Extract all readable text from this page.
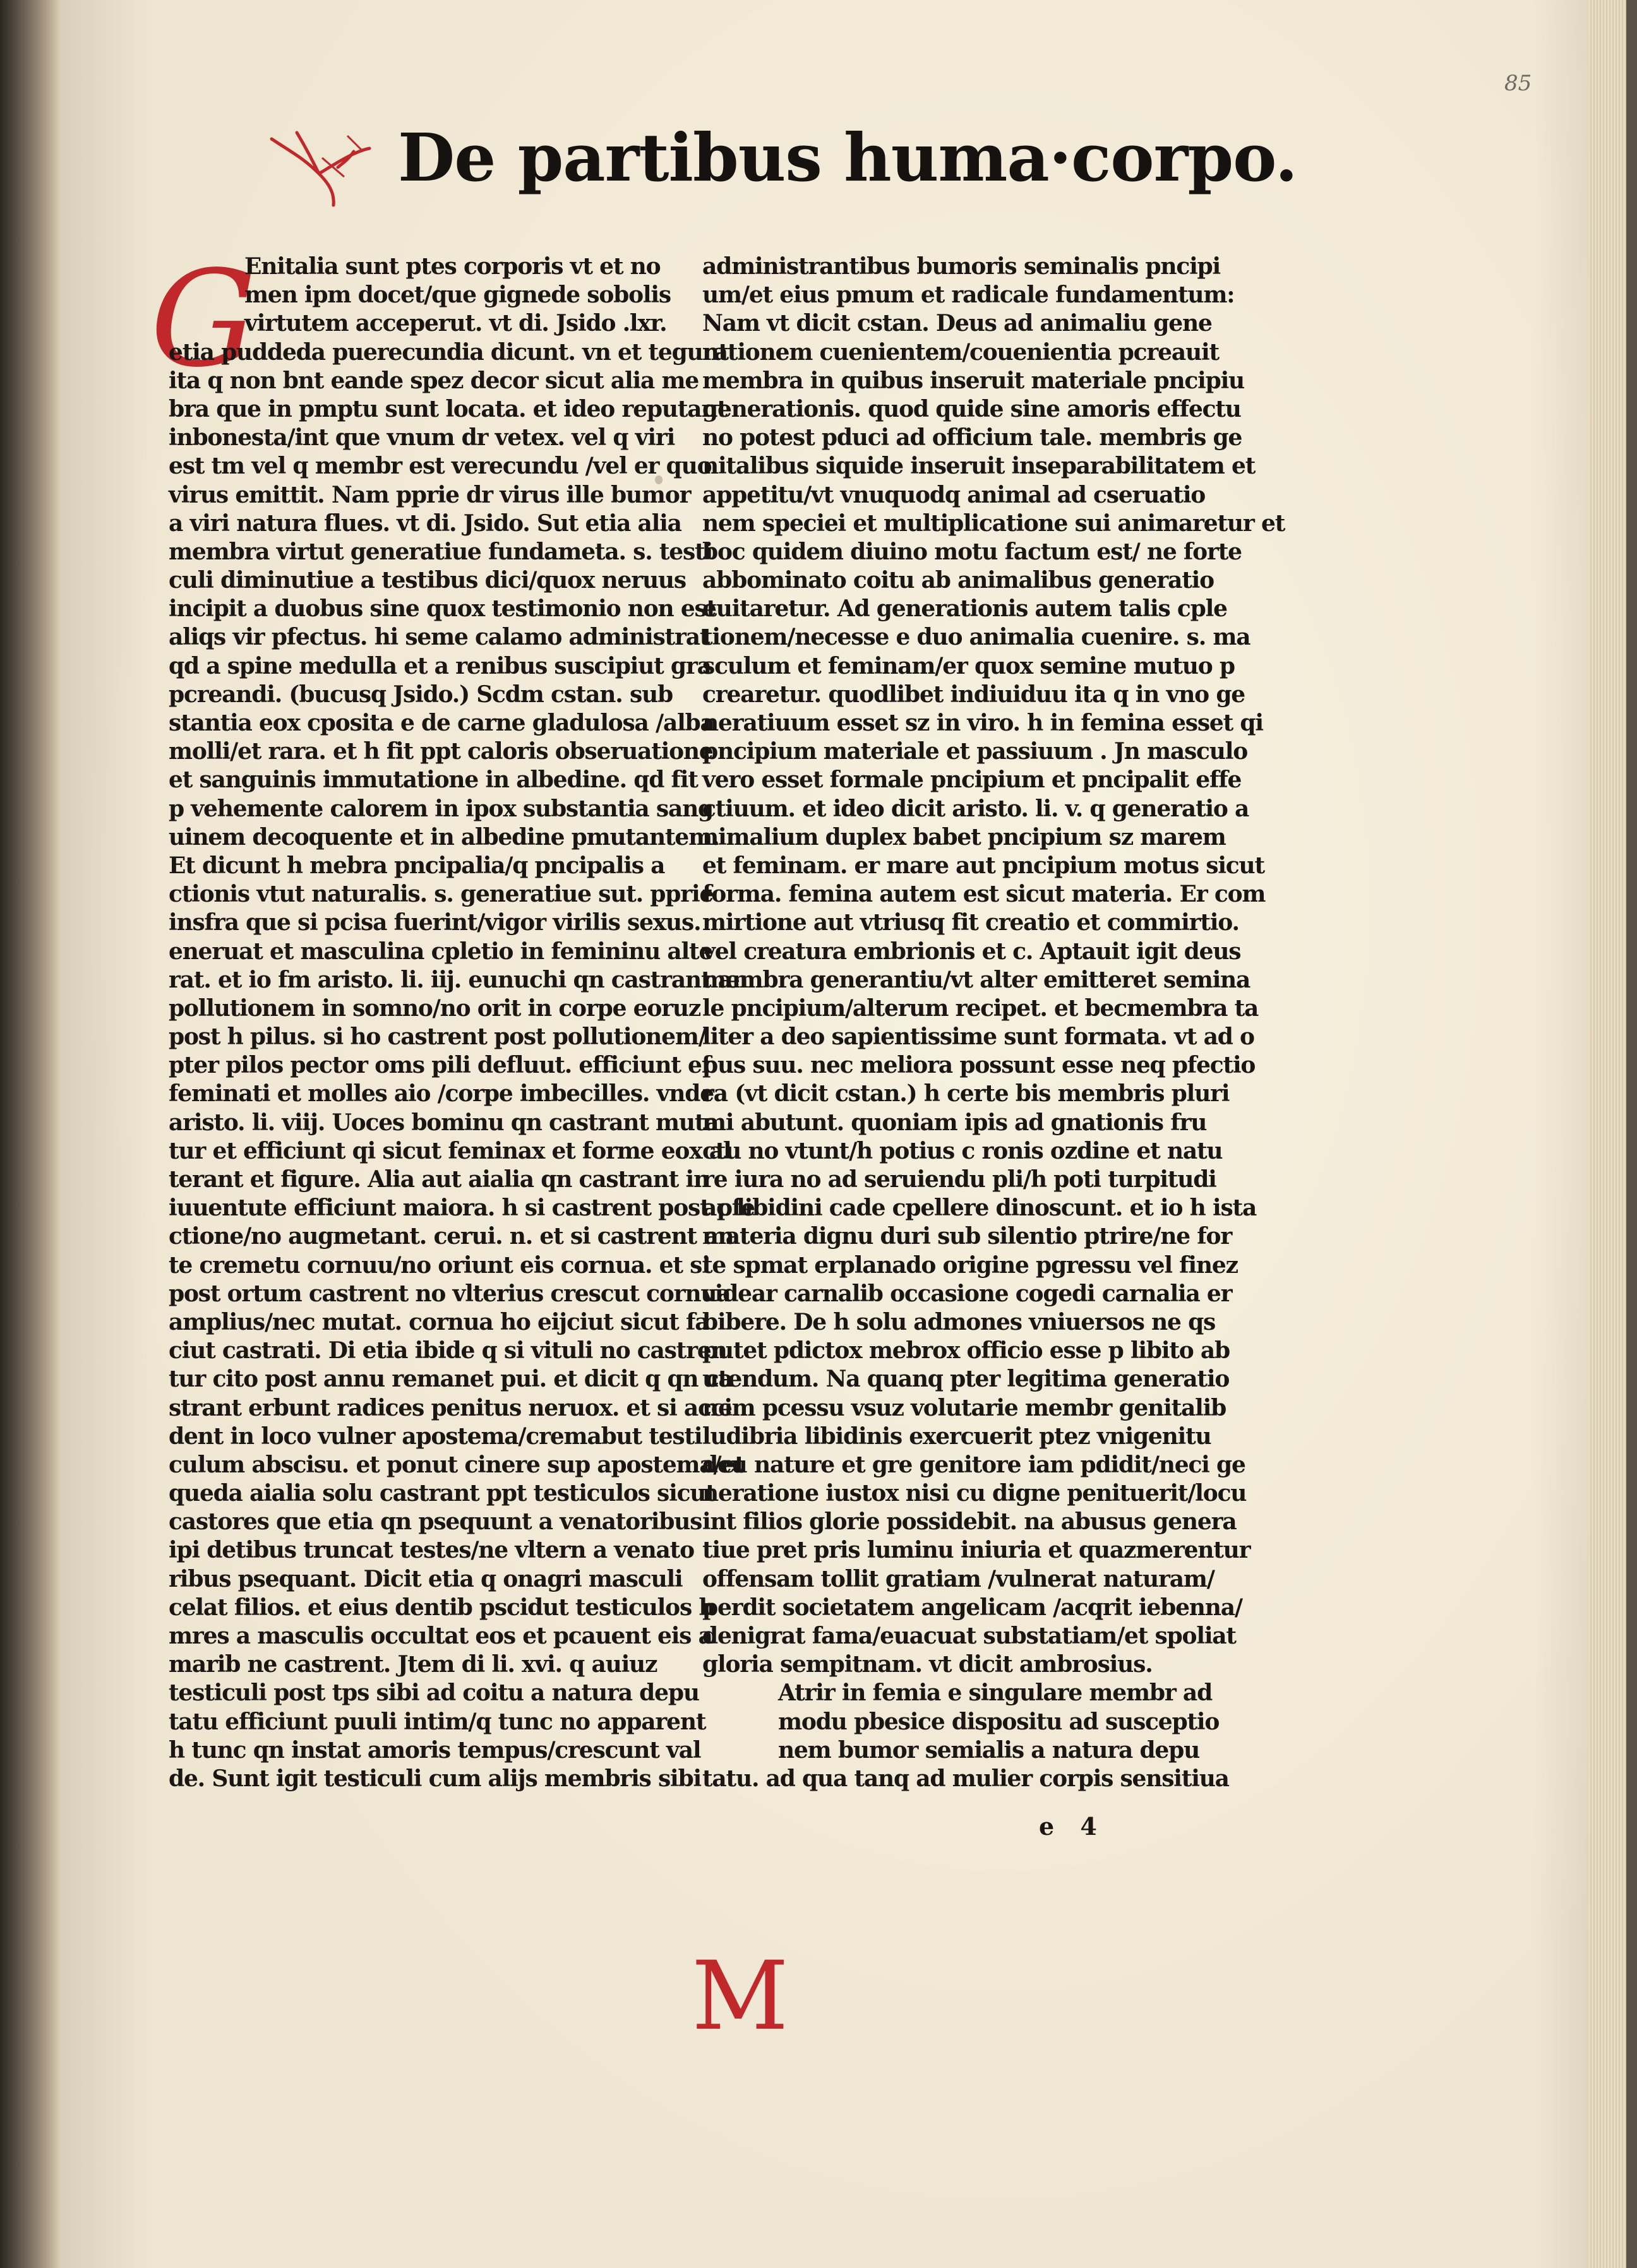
85
De partibus huma·corpo.
G
Enitalia sunt ptes corporis vt et no
men ipm docet/que gignede sobolis
virtutem acceperut. vt di. Jsido .lxr.
etia puddeda puerecundia dicunt. vn et tegunt
ita q non bnt eande spez decor sicut alia me
bra que in pmptu sunt locata. et ideo reputant
inbonesta/int que vnum dr vetex. vel q viri
est tm vel q membr est verecundu /vel er quo
virus emittit. Nam pprie dr virus ille bumor
a viri natura flues. vt di. Jsido. Sut etia alia
membra virtut generatiue fundameta. s. testi
culi diminutiue a testibus dici/quox neruus
incipit a duobus sine quox testimonio non est
aliqs vir pfectus. hi seme calamo administrat
qd a spine medulla et a renibus suscipiut gra
pcreandi. (bucusq Jsido.) Scdm cstan. sub
stantia eox cposita e de carne gladulosa /alba
molli/et rara. et h fit ppt caloris obseruatione
et sanguinis immutatione in albedine. qd fit
p vehemente calorem in ipox substantia sang
uinem decoquente et in albedine pmutantem.
Et dicunt h mebra pncipalia/q pncipalis a
ctionis vtut naturalis. s. generatiue sut. pprie
insfra que si pcisa fuerint/vigor virilis sexus.
eneruat et masculina cpletio in femininu alte
rat. et io fm aristo. li. iij. eunuchi qn castrant an
pollutionem in somno/no orit in corpe eoruz
post h pilus. si ho castrent post pollutionem/
pter pilos pector oms pili defluut. efficiunt ef
feminati et molles aio /corpe imbecilles. vnde
aristo. li. viij. Uoces bominu qn castrant muta
tur et efficiunt qi sicut feminax et forme eox al
terant et figure. Alia aut aialia qn castrant in
iuuentute efficiunt maiora. h si castrent post pfe
ctione/no augmetant. cerui. n. et si castrent an
te cremetu cornuu/no oriunt eis cornua. et si
post ortum castrent no vlterius crescut cornua
amplius/nec mutat. cornua ho eijciut sicut fa
ciut castrati. Di etia ibide q si vituli no castren
tur cito post annu remanet pui. et dicit q qn ca
strant erbunt radices penitus neruox. et si acci
dent in loco vulner apostema/cremabut testi
culum abscisu. et ponut cinere sup apostema/et
queda aialia solu castrant ppt testiculos sicut
castores que etia qn psequunt a venatoribus
ipi detibus truncat testes/ne vltern a venato
ribus psequant. Dicit etia q onagri masculi
celat filios. et eius dentib pscidut testiculos h
mres a masculis occultat eos et pcauent eis a
marib ne castrent. Jtem di li. xvi. q auiuz
testiculi post tps sibi ad coitu a natura depu
tatu efficiunt puuli intim/q tunc no apparent
h tunc qn instat amoris tempus/crescunt val
de. Sunt igit testiculi cum alijs membris sibi
administrantibus bumoris seminalis pncipi
um/et eius pmum et radicale fundamentum:
Nam vt dicit cstan. Deus ad animaliu gene
rationem cuenientem/couenientia pcreauit
membra in quibus inseruit materiale pncipiu
generationis. quod quide sine amoris effectu
no potest pduci ad officium tale. membris ge
nitalibus siquide inseruit inseparabilitatem et
appetitu/vt vnuquodq animal ad cseruatio
nem speciei et multiplicatione sui animaretur et
boc quidem diuino motu factum est/ ne forte
abbominato coitu ab animalibus generatio
euitaretur. Ad generationis autem talis cple
tionem/necesse e duo animalia cuenire. s. ma
sculum et feminam/er quox semine mutuo p
crearetur. quodlibet indiuiduu ita q in vno ge
neratiuum esset sz in viro. h in femina esset qi
pncipium materiale et passiuum . Jn masculo
vero esset formale pncipium et pncipalit effe
ctiuum. et ideo dicit aristo. li. v. q generatio a
nimalium duplex babet pncipium sz marem
et feminam. er mare aut pncipium motus sicut
forma. femina autem est sicut materia. Er com
mirtione aut vtriusq fit creatio et commirtio.
vel creatura embrionis et c. Aptauit igit deus
membra generantiu/vt alter emitteret semina
le pncipium/alterum recipet. et becmembra ta
liter a deo sapientissime sunt formata. vt ad o
pus suu. nec meliora possunt esse neq pfectio
ra (vt dicit cstan.) h certe bis membris pluri
mi abutunt. quoniam ipis ad gnationis fru
ctu no vtunt/h potius c ronis ozdine et natu
re iura no ad seruiendu pli/h poti turpitudi
ac libidini cade cpellere dinoscunt. et io h ista
materia dignu duri sub silentio ptrire/ne for
te spmat erplanado origine pgressu vel finez
videar carnalib occasione cogedi carnalia er
bibere. De h solu admones vniuersos ne qs
putet pdictox mebrox officio esse p libito ab
utendum. Na quanq pter legitima generatio
nem pcessu vsuz volutarie membr genitalib
ludibria libidinis exercuerit ptez vnigenitu
deu nature et gre genitore iam pdidit/neci ge
neratione iustox nisi cu digne penituerit/locu
int filios glorie possidebit. na abusus genera
tiue pret pris luminu iniuria et quazmerentur
offensam tollit gratiam /vulnerat naturam/
perdit societatem angelicam /acqrit iebenna/
denigrat fama/euacuat substatiam/et spoliat
gloria sempitnam. vt dicit ambrosius.
Atrir in femia e singulare membr ad
modu pbesice dispositu ad susceptio
nem bumor semialis a natura depu
tatu. ad qua tanq ad mulier corpis sensitiua
M
e 4
